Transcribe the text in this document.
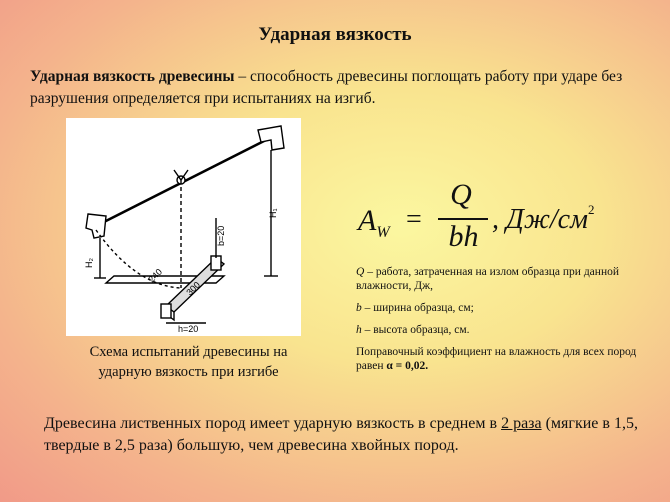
Ударная вязкость
Ударная вязкость древесины – способность древесины поглощать работу при ударе без разрушения определяется при испытаниях на изгиб.
H₁
H₂
b=20
240
300
h=20
Схема испытаний древесины на ударную вязкость при изгибе
$A_W$ =
Q
bh
, $Дж/см^2$

Q – работа, затраченная на излом образца при данной влажности, Дж,

b – ширина образца, см;

h – высота образца, см.

Поправочный коэффициент на влажность для всех пород равен α = 0,02.

Древесина лиственных пород имеет ударную вязкость в среднем в 2 раза (мягкие в 1,5, твердые в 2,5 раза) большую, чем древесина хвойных пород.
